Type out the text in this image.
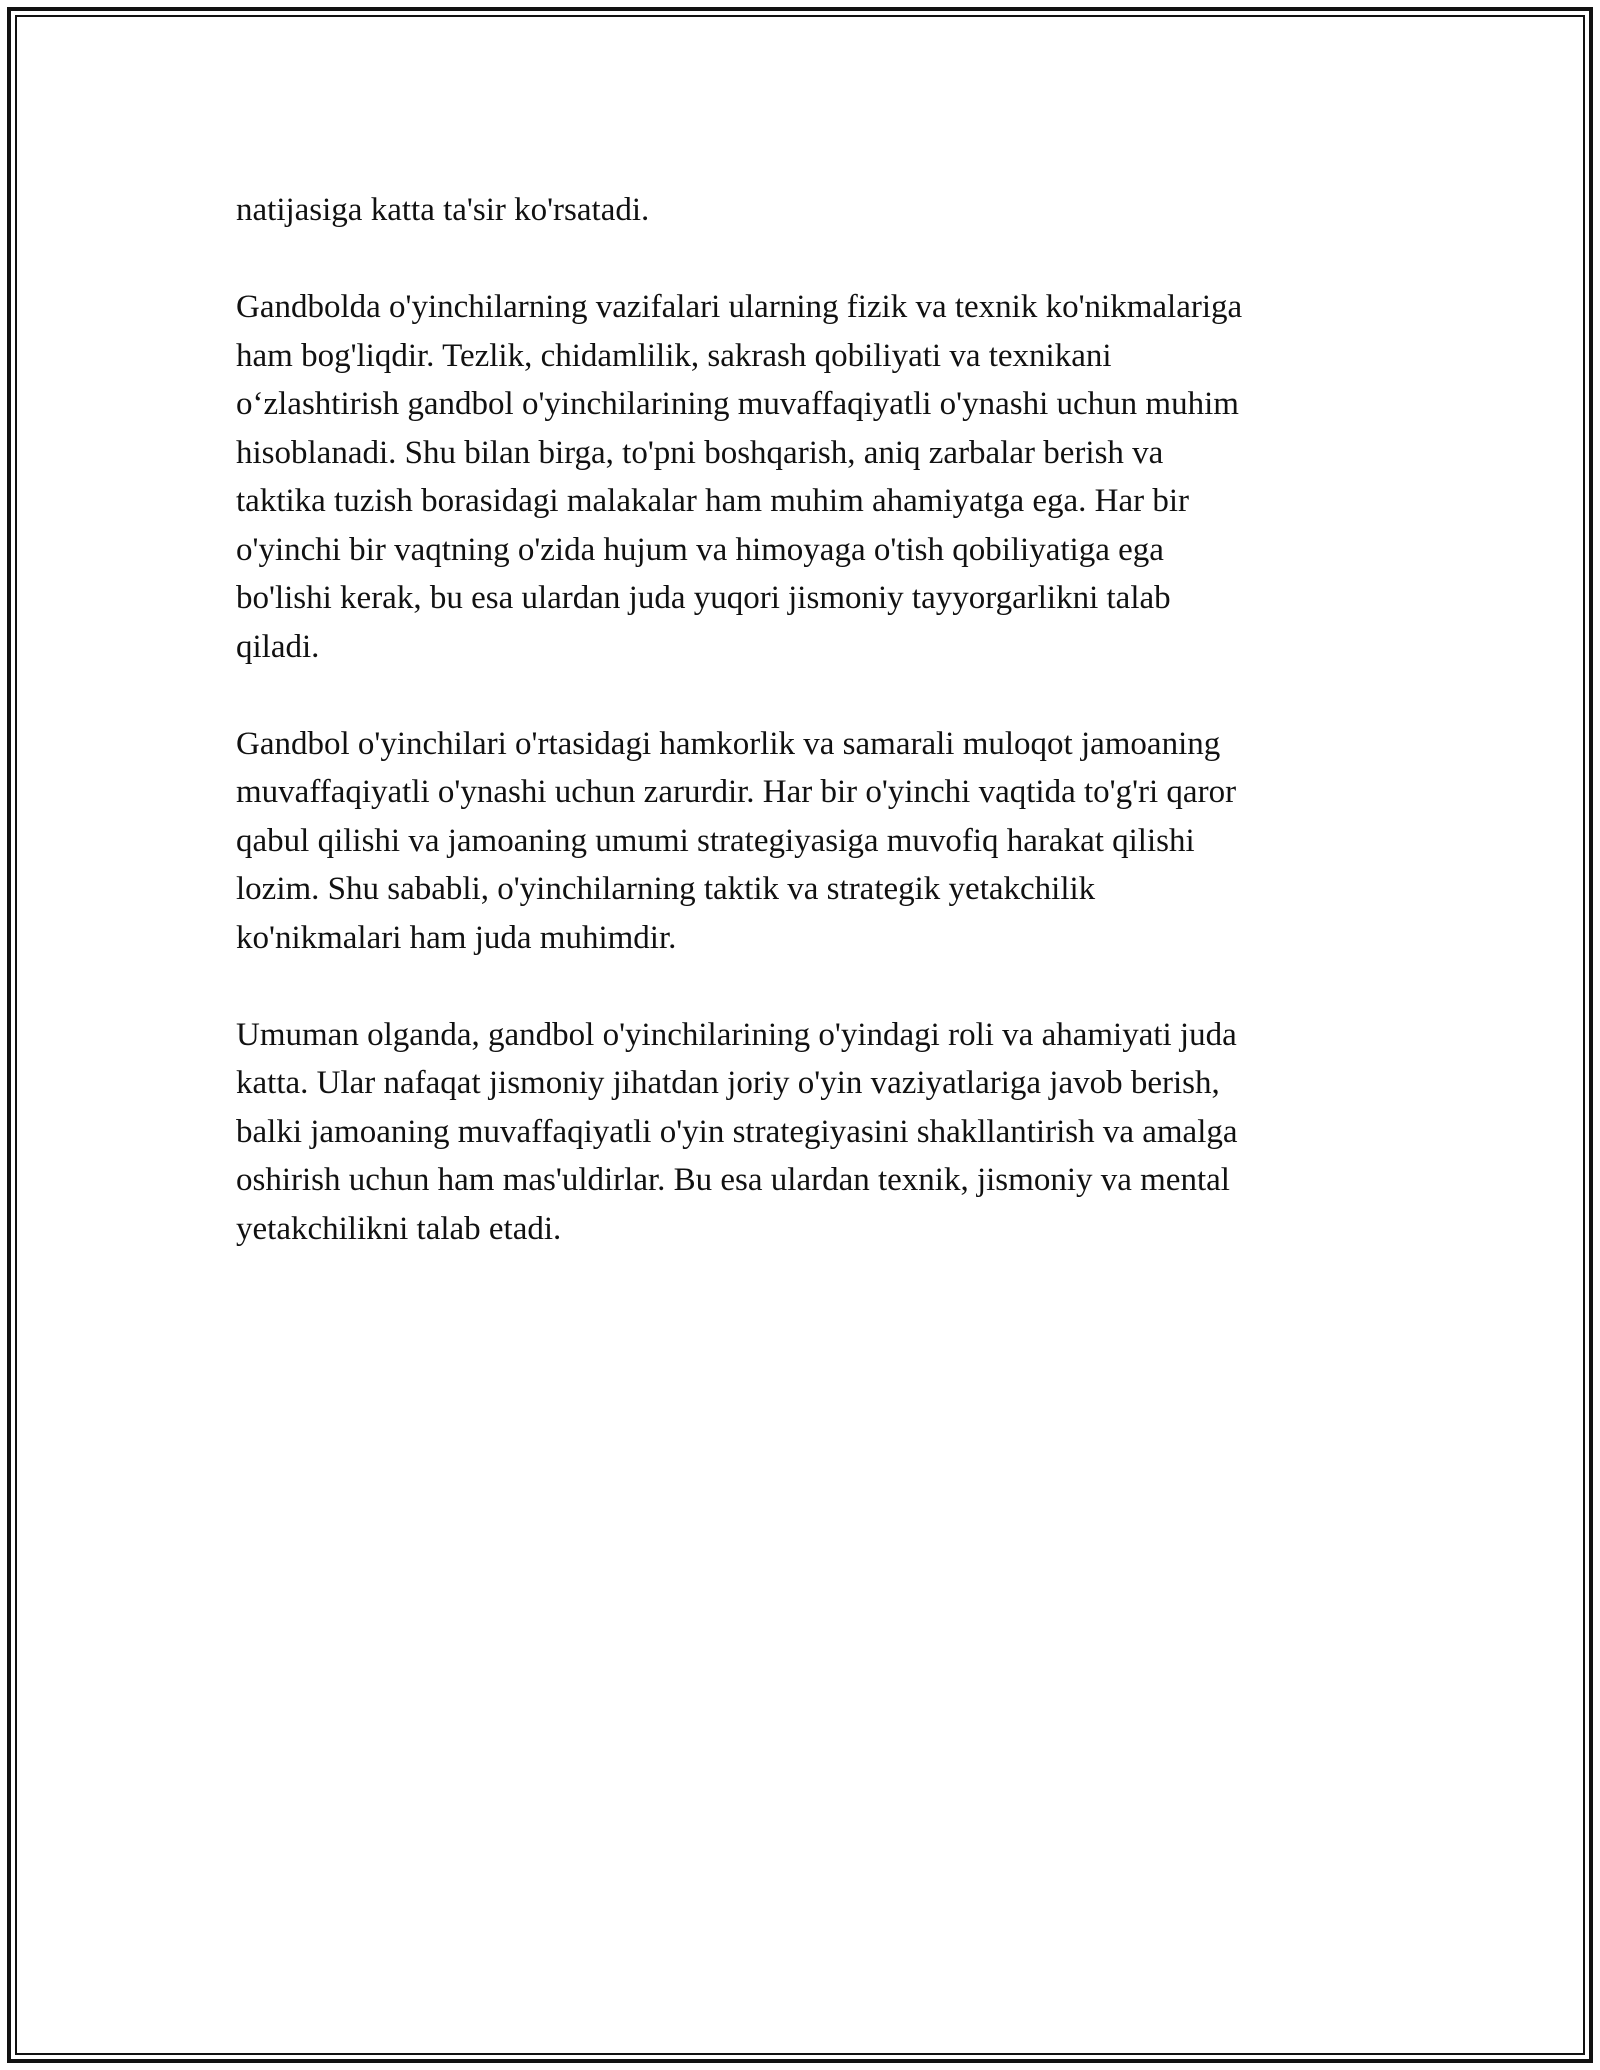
natijasiga katta ta'sir ko'rsatadi.

Gandbolda o'yinchilarning vazifalari ularning fizik va texnik ko'nikmalariga
ham bog'liqdir. Tezlik, chidamlilik, sakrash qobiliyati va texnikani
o‘zlashtirish gandbol o'yinchilarining muvaffaqiyatli o'ynashi uchun muhim
hisoblanadi. Shu bilan birga, to'pni boshqarish, aniq zarbalar berish va
taktika tuzish borasidagi malakalar ham muhim ahamiyatga ega. Har bir
o'yinchi bir vaqtning o'zida hujum va himoyaga o'tish qobiliyatiga ega
bo'lishi kerak, bu esa ulardan juda yuqori jismoniy tayyorgarlikni talab
qiladi.

Gandbol o'yinchilari o'rtasidagi hamkorlik va samarali muloqot jamoaning
muvaffaqiyatli o'ynashi uchun zarurdir. Har bir o'yinchi vaqtida to'g'ri qaror
qabul qilishi va jamoaning umumi strategiyasiga muvofiq harakat qilishi
lozim. Shu sababli, o'yinchilarning taktik va strategik yetakchilik
ko'nikmalari ham juda muhimdir.

Umuman olganda, gandbol o'yinchilarining o'yindagi roli va ahamiyati juda
katta. Ular nafaqat jismoniy jihatdan joriy o'yin vaziyatlariga javob berish,
balki jamoaning muvaffaqiyatli o'yin strategiyasini shakllantirish va amalga
oshirish uchun ham mas'uldirlar. Bu esa ulardan texnik, jismoniy va mental
yetakchilikni talab etadi.
